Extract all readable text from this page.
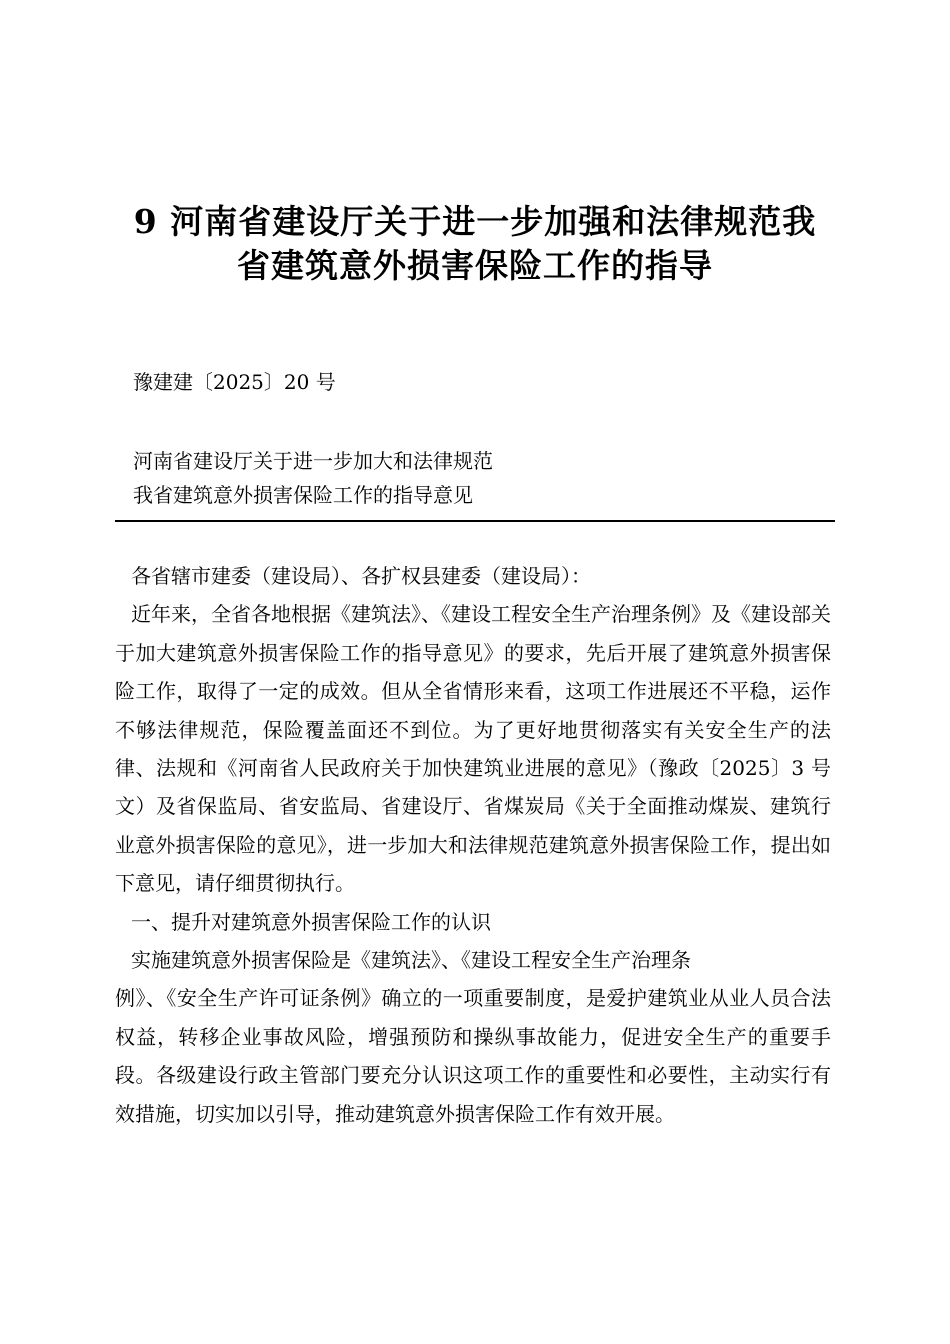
9 河南省建设厅关于进一步加强和法律规范我
省建筑意外损害保险工作的指导
豫建建〔2025〕20 号
河南省建设厅关于进一步加大和法律规范
我省建筑意外损害保险工作的指导意见

各省辖市建委（建设局）、各扩权县建委（建设局）：

近年来，全省各地根据《建筑法》、《建设工程安全生产治理条例》及《建设部关于加大建筑意外损害保险工作的指导意见》的要求，先后开展了建筑意外损害保险工作，取得了一定的成效。但从全省情形来看，这项工作进展还不平稳，运作不够法律规范，保险覆盖面还不到位。为了更好地贯彻落实有关安全生产的法律、法规和《河南省人民政府关于加快建筑业进展的意见》（豫政〔2025〕3 号文）及省保监局、省安监局、省建设厅、省煤炭局《关于全面推动煤炭、建筑行业意外损害保险的意见》，进一步加大和法律规范建筑意外损害保险工作，提出如下意见，请仔细贯彻执行。

一、提升对建筑意外损害保险工作的认识

实施建筑意外损害保险是《建筑法》、《建设工程安全生产治理条

例》、《安全生产许可证条例》确立的一项重要制度，是爱护建筑业从业人员合法权益，转移企业事故风险，增强预防和操纵事故能力，促进安全生产的重要手段。各级建设行政主管部门要充分认识这项工作的重要性和必要性，主动实行有效措施，切实加以引导，推动建筑意外损害保险工作有效开展。
